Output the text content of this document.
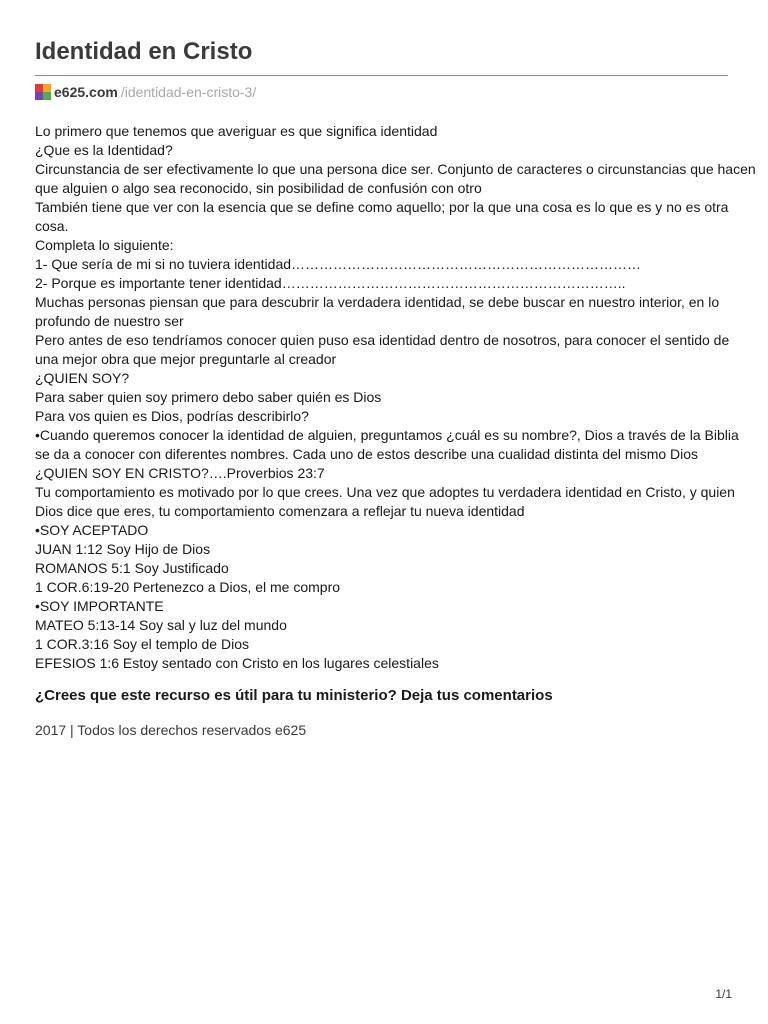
Identidad en Cristo
e625.com /identidad-en-cristo-3/

Lo primero que tenemos que averiguar es que significa identidad

¿Que es la Identidad?

Circunstancia de ser efectivamente lo que una persona dice ser. Conjunto de caracteres o circunstancias que hacen

que alguien o algo sea reconocido, sin posibilidad de confusión con otro

También tiene que ver con la esencia que se define como aquello; por la que una cosa es lo que es y no es otra

cosa.

Completa lo siguiente:

1- Que sería de mi si no tuviera identidad…………………………………………………………………

2- Porque es importante tener identidad………………………………………………………………..

Muchas personas piensan que para descubrir la verdadera identidad, se debe buscar en nuestro interior, en lo

profundo de nuestro ser

Pero antes de eso tendríamos conocer quien puso esa identidad dentro de nosotros, para conocer el sentido de

una mejor obra que mejor preguntarle al creador

¿QUIEN SOY?

Para saber quien soy primero debo saber quién es Dios

Para vos quien es Dios, podrías describirlo?

•Cuando queremos conocer la identidad de alguien, preguntamos ¿cuál es su nombre?, Dios a través de la Biblia

se da a conocer con diferentes nombres. Cada uno de estos describe una cualidad distinta del mismo Dios

¿QUIEN SOY EN CRISTO?….Proverbios 23:7

Tu comportamiento es motivado por lo que crees. Una vez que adoptes tu verdadera identidad en Cristo, y quien

Dios dice que eres, tu comportamiento comenzara a reflejar tu nueva identidad

•SOY ACEPTADO

JUAN 1:12 Soy Hijo de Dios

ROMANOS 5:1 Soy Justificado

1 COR.6:19-20 Pertenezco a Dios, el me compro

•SOY IMPORTANTE

MATEO 5:13-14 Soy sal y luz del mundo

1 COR.3:16 Soy el templo de Dios

EFESIOS 1:6 Estoy sentado con Cristo en los lugares celestiales

¿Crees que este recurso es útil para tu ministerio? Deja tus comentarios
2017 | Todos los derechos reservados e625
1/1
